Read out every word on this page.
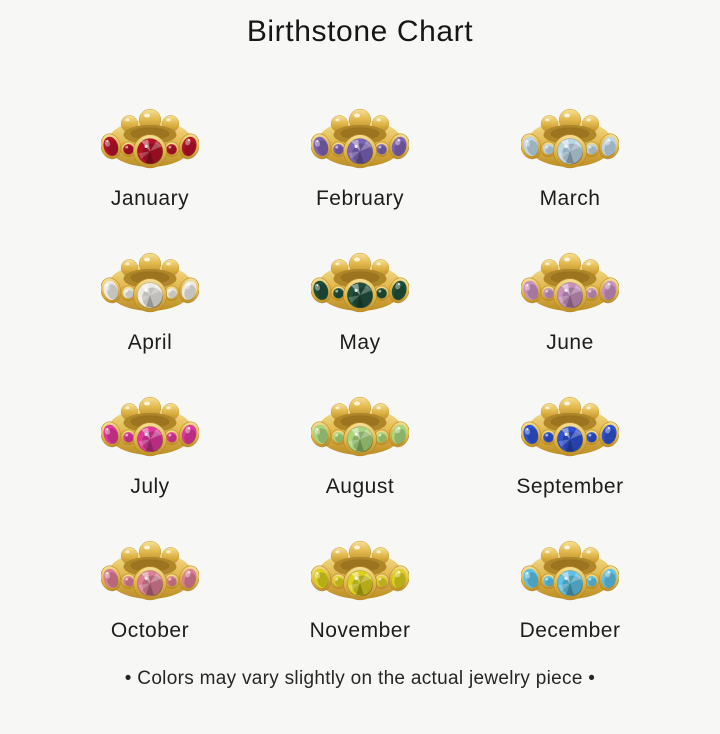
Birthstone Chart
January	February	March
April	May	June
July	August	September
October	November	December
• Colors may vary slightly on the actual jewelry piece •
